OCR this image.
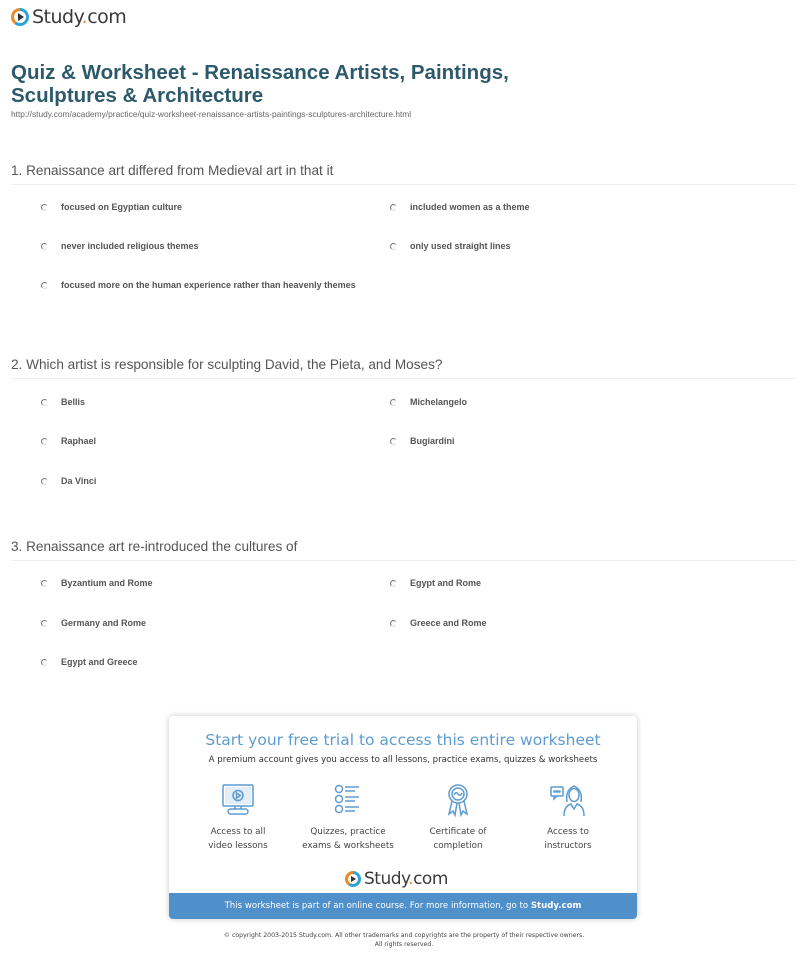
Study.com
Quiz & Worksheet - Renaissance Artists, Paintings, Sculptures & Architecture
http://study.com/academy/practice/quiz-worksheet-renaissance-artists-paintings-sculptures-architecture.html
1. Renaissance art differed from Medieval art in that it
focused on Egyptian culture	included women as a theme
never included religious themes	only used straight lines
focused more on the human experience rather than heavenly themes
2. Which artist is responsible for sculpting David, the Pieta, and Moses?
Bellis	Michelangelo
Raphael	Bugiardini
Da Vinci
3. Renaissance art re-introduced the cultures of
Byzantium and Rome	Egypt and Rome
Germany and Rome	Greece and Rome
Egypt and Greece
Start your free trial to access this entire worksheet
A premium account gives you access to all lessons, practice exams, quizzes & worksheets
Access to all
video lessons
Quizzes, practice
exams & worksheets
Certificate of
completion
Access to
instructors
Study.com
This worksheet is part of an online course. For more information, go to Study.com
© copyright 2003-2015 Study.com. All other trademarks and copyrights are the property of their respective owners.
All rights reserved.
